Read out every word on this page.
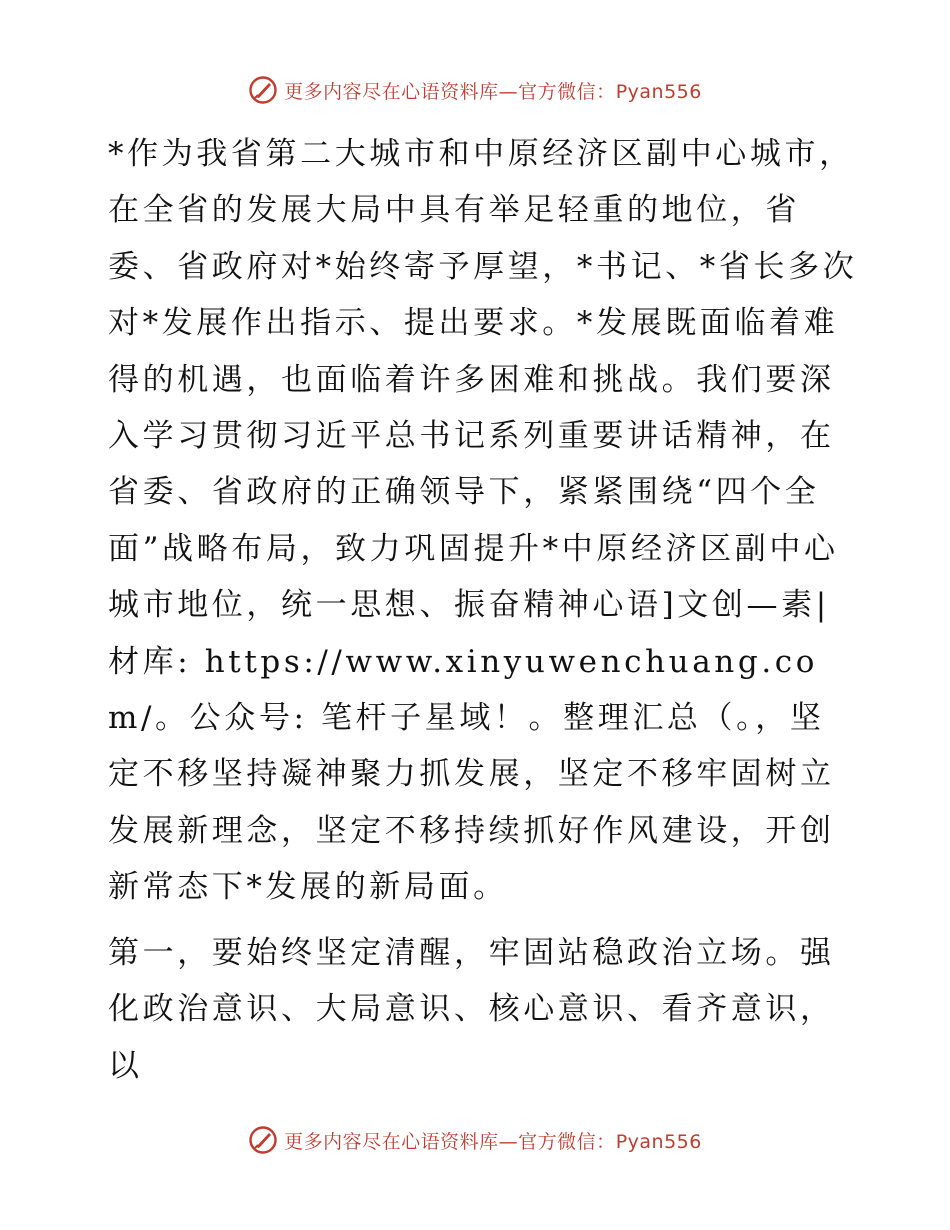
更多内容尽在心语资料库—官方微信：Pyan556

*作为我省第二大城市和中原经济区副中心城市，在全省的发展大局中具有举足轻重的地位，省委、省政府对*始终寄予厚望，*书记、*省长多次对*发展作出指示、提出要求。*发展既面临着难得的机遇，也面临着许多困难和挑战。我们要深入学习贯彻习近平总书记系列重要讲话精神，在省委、省政府的正确领导下，紧紧围绕“四个全面”战略布局，致力巩固提升*中原经济区副中心城市地位，统一思想、振奋精神心语]文创—素|材库: https://www.xinyuwenchuang.com/。公众号: 笔杆子星域！。整理汇总（。，坚定不移坚持凝神聚力抓发展，坚定不移牢固树立发展新理念，坚定不移持续抓好作风建设，开创新常态下*发展的新局面。

第一，要始终坚定清醒，牢固站稳政治立场。强化政治意识、大局意识、核心意识、看齐意识，以

更多内容尽在心语资料库—官方微信：Pyan556
